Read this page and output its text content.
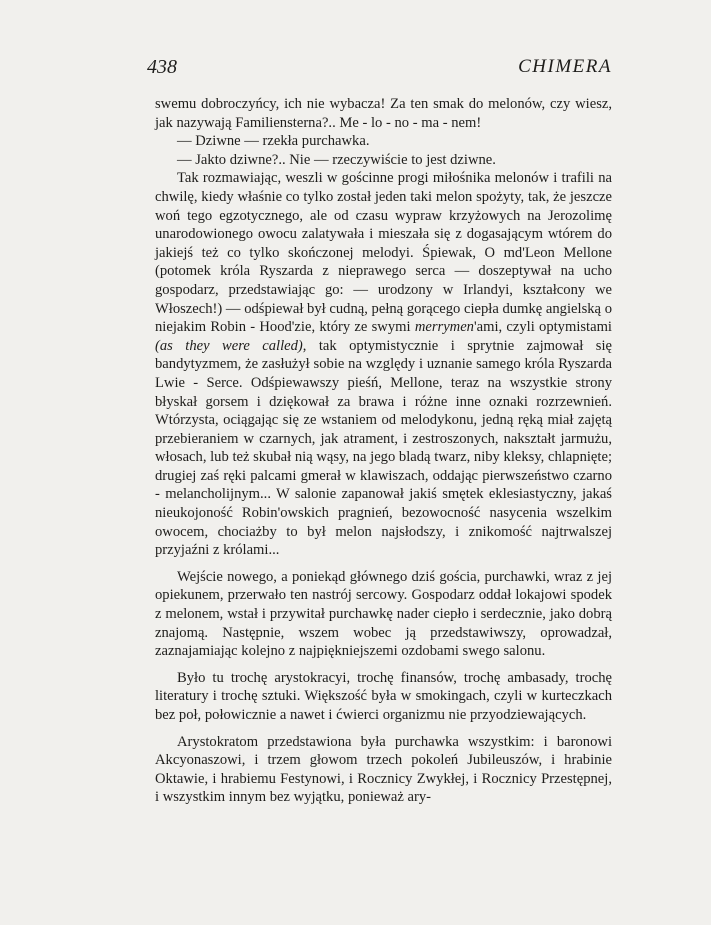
438	CHIMERA

swemu dobroczyńcy, ich nie wybacza! Za ten smak do melonów, czy wiesz, jak nazywają Familiensterna?.. Me - lo - no - ma - nem!

— Dziwne — rzekła purchawka.

— Jakto dziwne?.. Nie — rzeczywiście to jest dziwne.

Tak rozmawiając, weszli w gościnne progi miłośnika melonów i trafili na chwilę, kiedy właśnie co tylko został jeden taki melon spożyty, tak, że jeszcze woń tego egzotycznego, ale od czasu wypraw krzyżowych na Jerozolimę unarodowionego owocu zalatywała i mieszała się z dogasającym wtórem do jakiejś też co tylko skończonej melodyi. Śpiewak, O md'Leon Mellone (potomek króla Ryszarda z nieprawego serca — doszeptywał na ucho gospodarz, przedstawiając go: — urodzony w Irlandyi, kształcony we Włoszech!) — odśpiewał był cudną, pełną gorącego ciepła dumkę angielską o niejakim Robin - Hood'zie, który ze swymi merrymen'ami, czyli optymistami (as they were called), tak optymistycznie i sprytnie zajmował się bandytyzmem, że zasłużył sobie na względy i uznanie samego króla Ryszarda Lwie - Serce. Odśpiewawszy pieśń, Mellone, teraz na wszystkie strony błyskał gorsem i dziękował za brawa i różne inne oznaki rozrzewnień. Wtórzysta, ociągając się ze wstaniem od melodykonu, jedną ręką miał zajętą przebieraniem w czarnych, jak atrament, i zestroszonych, nakształt jarmużu, włosach, lub też skubał nią wąsy, na jego bladą twarz, niby kleksy, chlapnięte; drugiej zaś ręki palcami gmerał w klawiszach, oddając pierwszeństwo czarno - melancholijnym... W salonie zapanował jakiś smętek eklesiastyczny, jakaś nieukojoność Robin'owskich pragnień, bezowocność nasycenia wszelkim owocem, chociażby to był melon najsłodszy, i znikomość najtrwalszej przyjaźni z królami...

Wejście nowego, a poniekąd głównego dziś gościa, purchawki, wraz z jej opiekunem, przerwało ten nastrój sercowy. Gospodarz oddał lokajowi spodek z melonem, wstał i przywitał purchawkę nader ciepło i serdecznie, jako dobrą znajomą. Następnie, wszem wobec ją przedstawiwszy, oprowadzał, zaznajamiając kolejno z najpiękniejszemi ozdobami swego salonu.

Było tu trochę arystokracyi, trochę finansów, trochę ambasady, trochę literatury i trochę sztuki. Większość była w smokingach, czyli w kurteczkach bez poł, połowicznie a nawet i ćwierci organizmu nie przyodziewających.

Arystokratom przedstawiona była purchawka wszystkim: i baronowi Akcyonaszowi, i trzem głowom trzech pokoleń Jubileuszów, i hrabinie Oktawie, i hrabiemu Festynowi, i Rocznicy Zwykłej, i Rocznicy Przestępnej, i wszystkim innym bez wyjątku, ponieważ ary-
